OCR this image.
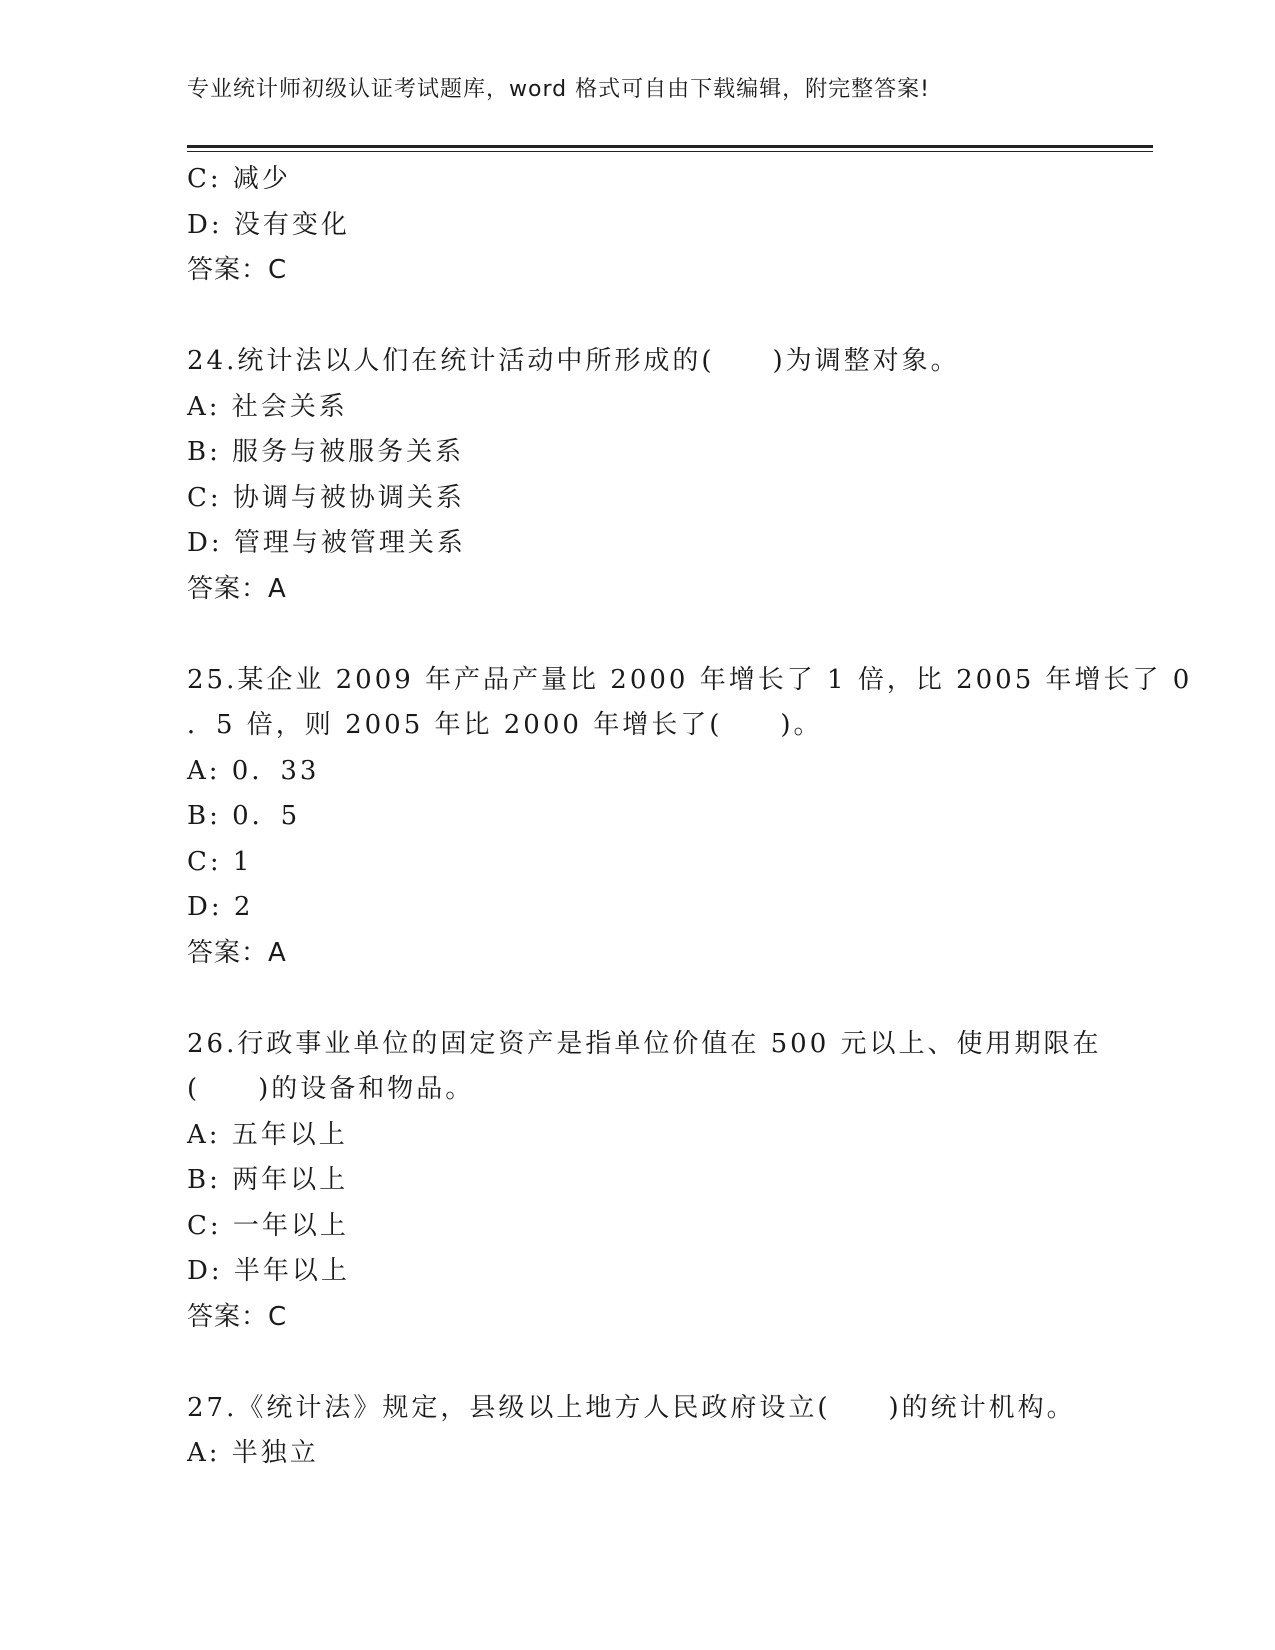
专业统计师初级认证考试题库，word 格式可自由下载编辑，附完整答案!
C: 减少
D: 没有变化
答案：C
24.统计法以人们在统计活动中所形成的(　　)为调整对象。
A: 社会关系
B: 服务与被服务关系
C: 协调与被协调关系
D: 管理与被管理关系
答案：A
25.某企业 2009 年产品产量比 2000 年增长了 1 倍，比 2005 年增长了 0
．5 倍，则 2005 年比 2000 年增长了(　　)。
A: 0．33
B: 0．5
C: 1
D: 2
答案：A
26.行政事业单位的固定资产是指单位价值在 500 元以上、使用期限在
(　　)的设备和物品。
A: 五年以上
B: 两年以上
C: 一年以上
D: 半年以上
答案：C
27.《统计法》规定，县级以上地方人民政府设立(　　)的统计机构。
A: 半独立
